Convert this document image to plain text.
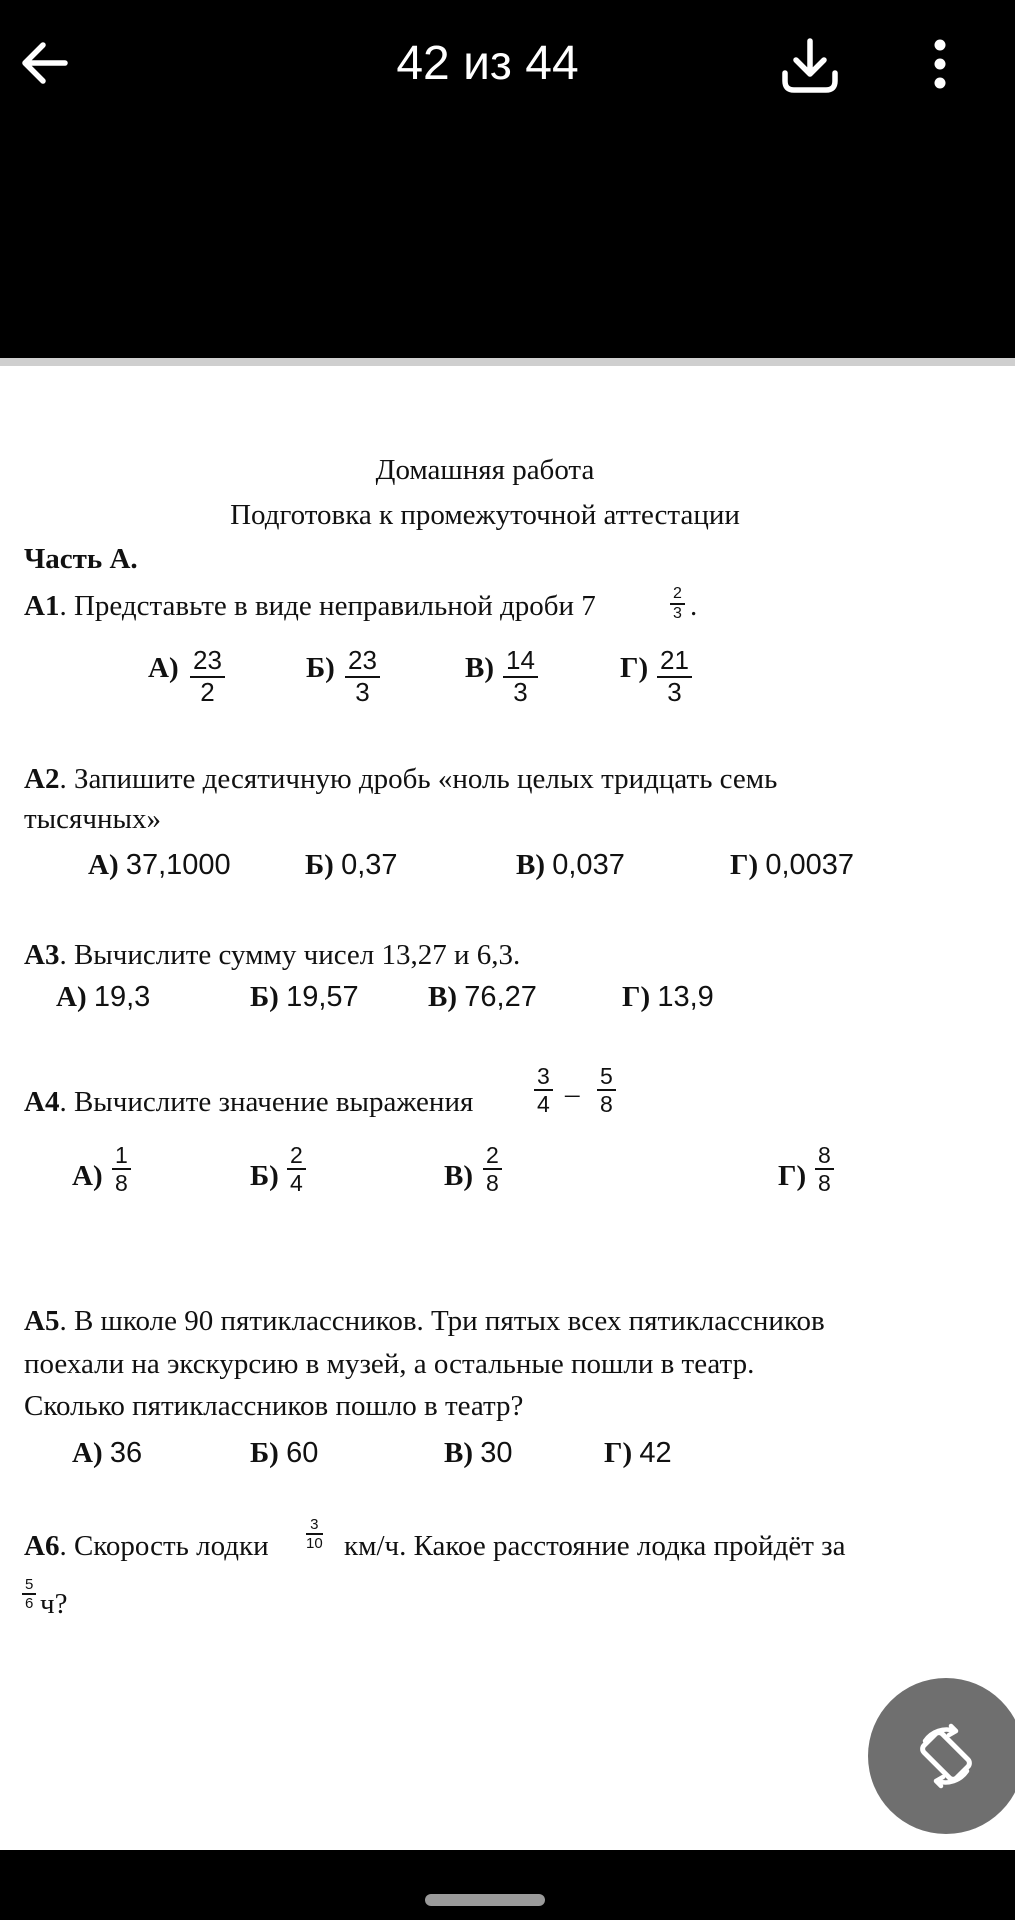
42 из 44
Домашняя работа
Подготовка к промежуточной аттестации
Часть А.
А1. Представьте в виде неправильной дроби 7	$\frac{2}{3}$ .
$А) \frac{23}{2}$	$Б) \frac{23}{3}$	$В) \frac{14}{3}$	$Г) \frac{21}{3}$
А2. Запишите десятичную дробь «ноль целых тридцать семь
тысячных»
А) 37,1000	Б) 0,37	В) 0,037	Г) 0,0037
А3. Вычислите сумму чисел 13,27 и 6,3.
А) 19,3	Б) 19,57 В) 76,27	Г) 13,9
А4. Вычислите значение выражения	$\frac{3}{4} - \frac{5}{8}$
$А) \frac{1}{8}$	$Б) \frac{2}{4}$	$В) \frac{2}{8}$	$Г) \frac{8}{8}$
А5. В школе 90 пятиклассников. Три пятых всех пятиклассников
поехали на экскурсию в музей, а остальные пошли в театр.
Сколько пятиклассников пошло в театр?
А) 36	Б) 60	В) 30	Г) 42
А6. Скорость лодки $\frac{3}{10} км/ч$. Какое расстояние лодка пройдёт за
$\frac{5}{6} ч$?
